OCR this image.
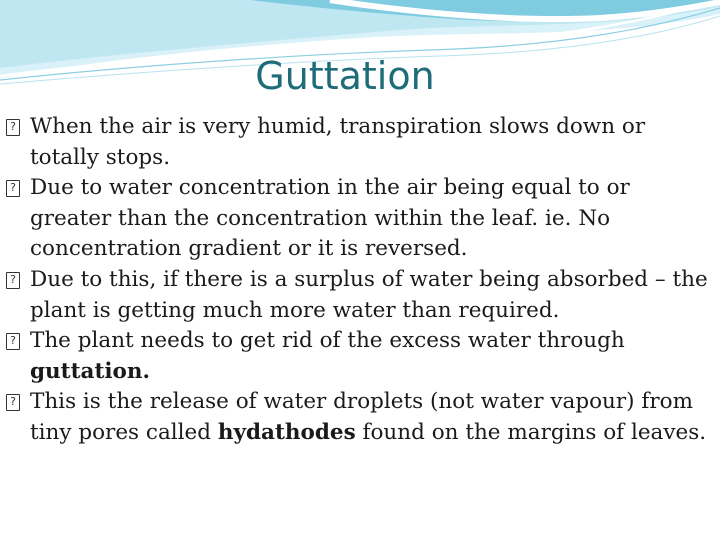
Guttation
?
When the air is very humid, transpiration slows down or totally stops.
?
Due to water concentration in the air being equal to or greater than the concentration within the leaf. ie. No concentration gradient or it is reversed.
?
Due to this, if there is a surplus of water being absorbed – the plant is getting much more water than required.
?
The plant needs to get rid of the excess water through guttation.
?
This is the release of water droplets (not water vapour) from tiny pores called hydathodes found on the margins of leaves.
